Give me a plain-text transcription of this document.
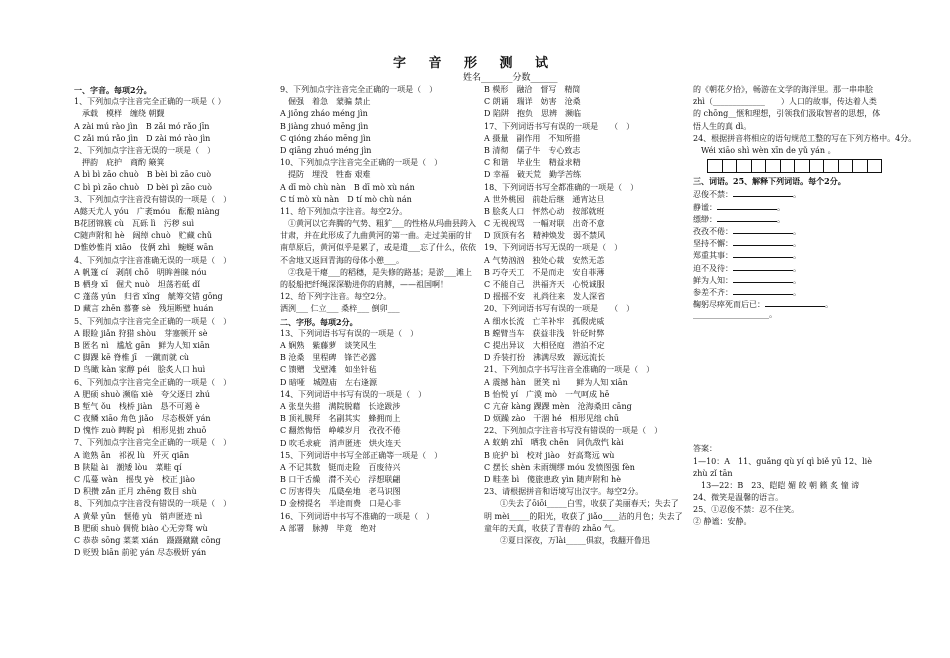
字 音 形 测 试
姓名_______分数______
一、字音。每项2分。
1、下列加点字注音完全正确的一项是（ ）
　承载　模样　缠绕 朝觐
A zài mú rào jìn　B zǎi mó rǎo jīn
C zǎi mú rǎo jìn　D zài mó rào jìn
2、下列加点字注音无误的一项是（　）
　押韵　庇护　商酌 簸箕
A bì bì zāo chuò　B bèi bì zāo cuò
C bì pì zāo chuò　D bèi pì zāo cuò
3、下列加点字注音没有错误的一项是（　）
A懿天尤人 yóu　广袤móu　酝酿 niàng
B花团锦簇 cù　瓦砾 lì　污秽 suì
C随声附和 hè　阔绰 chuò　贮藏 chǔ
D惟妙惟肖 xiāo　伎俩 zhì　蜿蜒 wān
4、下列加点字注音准确无误的一项是（　）
A 帆篷 cí　剥削 chō　明眸善睐 nóu
B 栖身 xī　倔犬 nuò　坦荡若砥 dǐ
C 蓬荡 yún　归省 xǐng　觥筹交错 gōng
D 藏言 zhēn 慕謇 sè　残垣断壁 huán
5、下列加点字注音完全正确的一项是（　）
A 眼睑 jiǎn 狩猎 shòu　芽塞顿开 sè
B 匿名 nì　尴尬 gān　鲜为人知 xiān
C 脚踝 kē 脊椎 jī　一蹴而就 cù
D 鸟瞰 kàn 家醇 péi　脍炙人口 huì
6、下列加点字注音完全正确的一项是（　）
A 肥硕 shuò 濒临 xiè　夸父逐日 zhú
B 堑气 ǒu　栈桥 jiàn　恳不可遏 è
C 夜鳞 xiāo 角色 jiǎo　尽态极妍 yán
D 愧怍 zuò 睥睨 pì　相形见拙 zhuō
7、下列加点字注音完全正确的一项是（　）
A 诡熟 ān　祁祝 lù　歼灭 qiān
B 陕隘 ài　潮矮 lòu　菜畦 qí
C 瓜蔓 wàn　摇曳 yè　校正 jiào
D 积攒 zǎn 正月 zhēng 数目 shù
8、下列加点字注音没有错误的一项是（　）
A 黄晕 yūn　惬倦 yù　销声匿迹 nì
B 肥硕 shuò 倜傥 biào 心无旁骛 wù
C 恭恭 sōng 菜菜 xián　蹑蹑蹴蹴 cōng
D 贬毁 biān 前驼 yán 尽态极妍 yán
9、下列加点字注音完全正确的一项是（　）
　倔强　着急　蒙骗 禁止
A jiōng zháo méng jìn
B jiàng zhuó mēng jìn
C qióng zháo mēng jìn
D qiāng zhuó méng jìn
10、下列加点字注音完全正确的一项是（　）
　提防　埋没　牲畜 艰难
A dī mò chù nàn　B dī mò xù nán
C tí mò xù nàn　D tí mò chù nán
11、给下列加点字注音。每空2分。
　①黄河以它奔腾的气势、粗犷___的性格从玛曲县跨入甘肃，并在此形成了九曲黄河的第一曲。走过美丽的甘南草原后，黄河似乎是累了，或是遣___忘了什么，依依不舍地又返回青海的母体小憩___。
　②我是干瘪___的稻穗，是失修的路基；是淤___滩上的驳船把纤绳深深勒进你的肩膊，——祖国啊！
12、给下列字注音。每空2分。
洒洌___ 仁立___ 桑梓___ 倒卯___
二、字形。每项2分。
13、下列词语书写有误的一项是（　）
A 娴熟　紫藤萝　谈笑风生
B 沧桑　里程碑　锋芒必露
C 馈赠　戈壁滩　如坐针毡
D 暗哑　城隍庙　左右逢源
14、下列词语中书写有误的一项是（　）
A 张皇失措　满院脱藉　长途跋涉
B 顶礼膜拜　名副其实　蜂拥而上
C 翻然悔悟　峥嵘岁月　孜孜不倦
D 吹毛求疵　消声匿迹　烘火连天
15、下列词语中书写全部正确等一项是（　）
A 不记其数　铤而走险　百废待兴
B 口干舌燥　潸不关心　浮想联翩
C 厉害得失　瓜瓞垒地　老马识图
D 金榜提名　半途而费　口是心非
16、下列词语中书写不准确的一项是（　）
A 部署　脉搏　毕竟　绝对
B 模形　融洽　督写　精简
C 朗诵　瑞详　妨害　沧桑
D 陷阱　抱负　思辨　濒临
17、下列词语书写有误的一项是　　（　）
A 摄量　副作用　不知所措
B 清彻　儒子牛　专心致志
C 和谐　毕业生　精益求精
D 幸福　破天荒　勤学苦练
18、下列词语书写全都准确的一项是（　）
A 世外桃园　前赴后继　通宵达旦
B 脍炙人口　怦然心动　按部就班
C 无视视骂　一幅对联　出奇不意
D 顶顶有名　精神焕发　弱不禁风
19、下列词语书写无误的一项是（　）
A 气势汹汹　独处心裁　安然无恙
B 巧夺天工　不是而走　安自菲薄
C 不能自己　洪福齐天　心悦诚服
D 摇摇不安　礼尚往来　发人深省
20、下列词语书写有误的一项是　　（　）
A 细水长流　亡羊补牢　孤假虎威
B 螳臂当车　获益非浅　针砭时弊
C 提出异议　大相径庭　潜泊不定
D 乔装打扮　沸满尽致　源远流长
21、下列加点字书写注音全准确的一项是（　）
A 震撼 hàn　匿笑 nì　　鲜为人知 xiān
B 怡悦 yí　广漠 mò　一气呵成 hē
C 亢奋 kàng 踝踝 mèn　沧海桑田 cāng
D 烦躁 zào　干涸 hé　相形见绌 chū
22、下列加点字注音书写没有错误的一项是（　）
A 蚁蚋 zhī　哂我 chēn　同仇敌忾 kài
B 庇护 bì　校对 jiào　好高骛远 wù
C 摆长 shèn 未雨绸缪 móu 发愤图强 fèn
D 畦垄 bì　傻旅患政 yìn 随声附和 hè
23、请根据拼音和语境写出汉字。每空2分。
　　①失去了ōiōi_____白雪，收获了美丽春天；失去了明 mèi_____的阳光，收获了 jiǎo____洁的月色；失去了童年的天真，收获了青春的 zhāo 气。
　　②夏日深夜，万lài_____俱寂，我翻开鲁迅
的《朝花夕拾》，畅游在文学的海洋里。那一串串脍　　　zhì（_____________　　）人口的故事，传达着人类的 chōng__惬和理想，引领我们汲取智者的思想，体悟人生的真 dì。
24、根据拼音将相应的语句规范工整的写在下列方格中。4分。
　Wéi xiāo shì wèn xīn de yǔ yán 。
三、词语。25、解释下列词语。每个2分。
忍俊不禁：	。
静谧：	。
缥缈：	。
孜孜不倦：	。
坚持不懈：	。
郑重其事：	。
迫不及待：	。
鲜为人知：	。
参差不齐：	。
鞠躬尽瘁死而后已：	。
___________________。
答案：
1—10：A　11、guǎng qù yí qì biě yū 12、liè
zhù zǐ tān
　13—22：B　23、皑皑 媚 皎 朝 籁 炙 憧 谛
24、微笑是温馨的语言。
25、①忍俊不禁：忍不住笑。
② 静谧：安静。
